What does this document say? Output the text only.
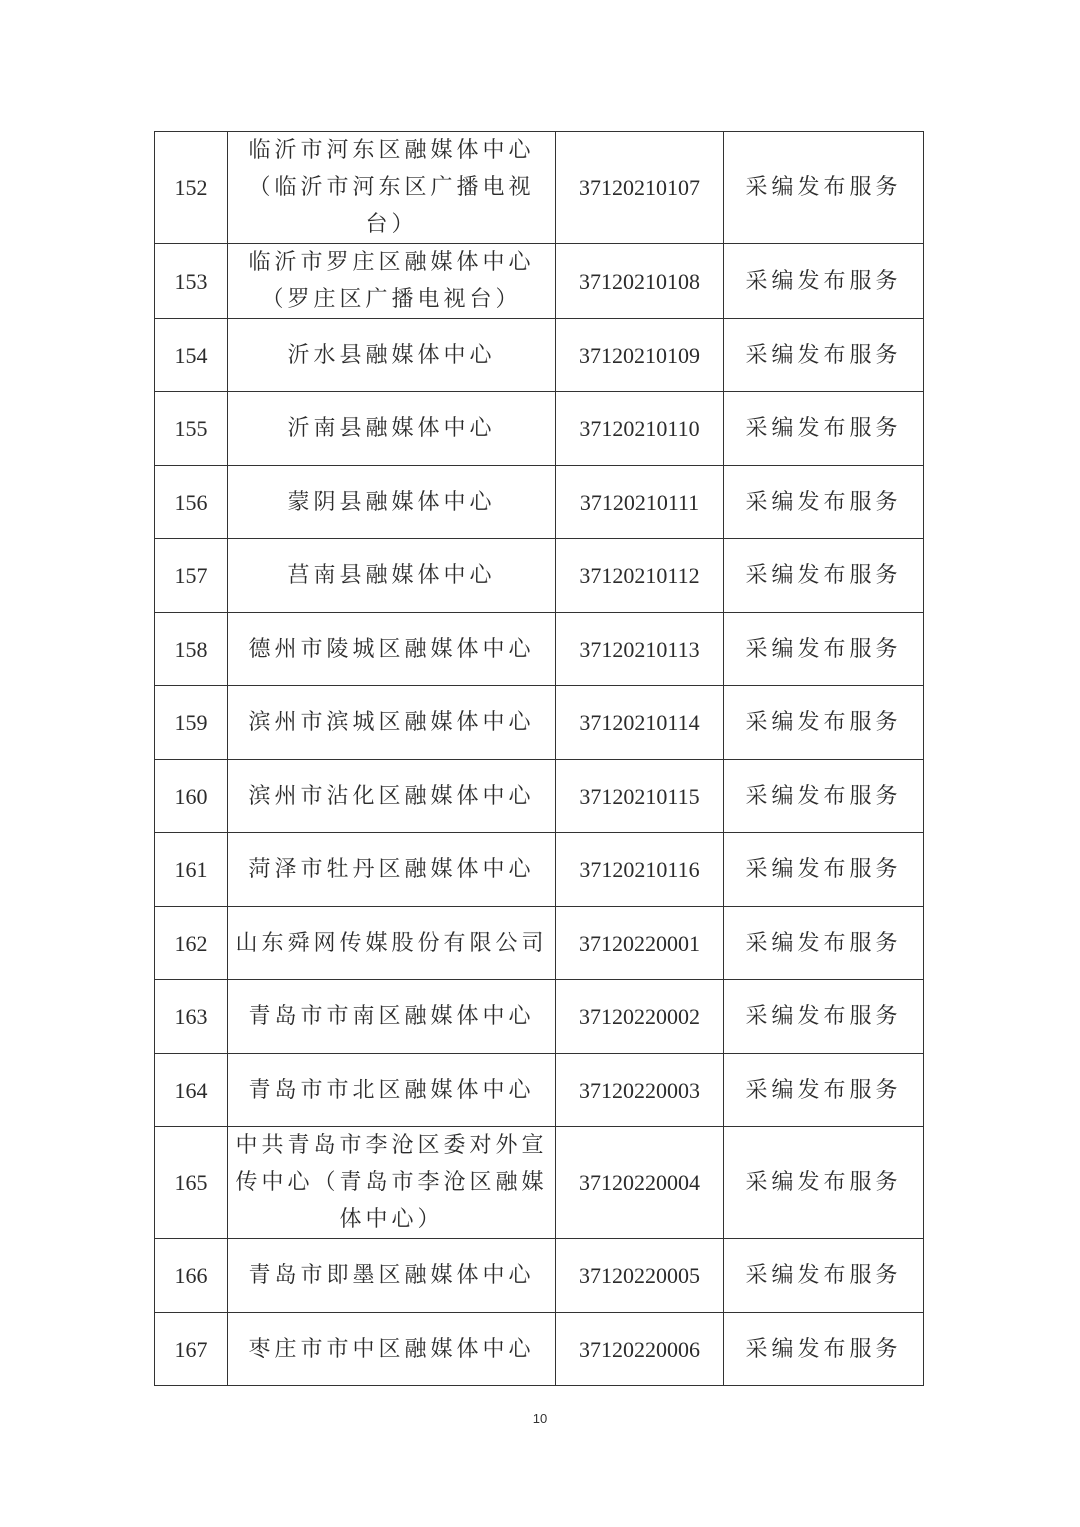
152	临沂市河东区融媒体中心（临沂市河东区广播电视台）	37120210107	采编发布服务
153	临沂市罗庄区融媒体中心（罗庄区广播电视台）	37120210108	采编发布服务
154	沂水县融媒体中心	37120210109	采编发布服务
155	沂南县融媒体中心	37120210110	采编发布服务
156	蒙阴县融媒体中心	37120210111	采编发布服务
157	莒南县融媒体中心	37120210112	采编发布服务
158	德州市陵城区融媒体中心	37120210113	采编发布服务
159	滨州市滨城区融媒体中心	37120210114	采编发布服务
160	滨州市沾化区融媒体中心	37120210115	采编发布服务
161	菏泽市牡丹区融媒体中心	37120210116	采编发布服务
162	山东舜网传媒股份有限公司	37120220001	采编发布服务
163	青岛市市南区融媒体中心	37120220002	采编发布服务
164	青岛市市北区融媒体中心	37120220003	采编发布服务
165	中共青岛市李沧区委对外宣传中心（青岛市李沧区融媒体中心）	37120220004	采编发布服务
166	青岛市即墨区融媒体中心	37120220005	采编发布服务
167	枣庄市市中区融媒体中心	37120220006	采编发布服务
10
